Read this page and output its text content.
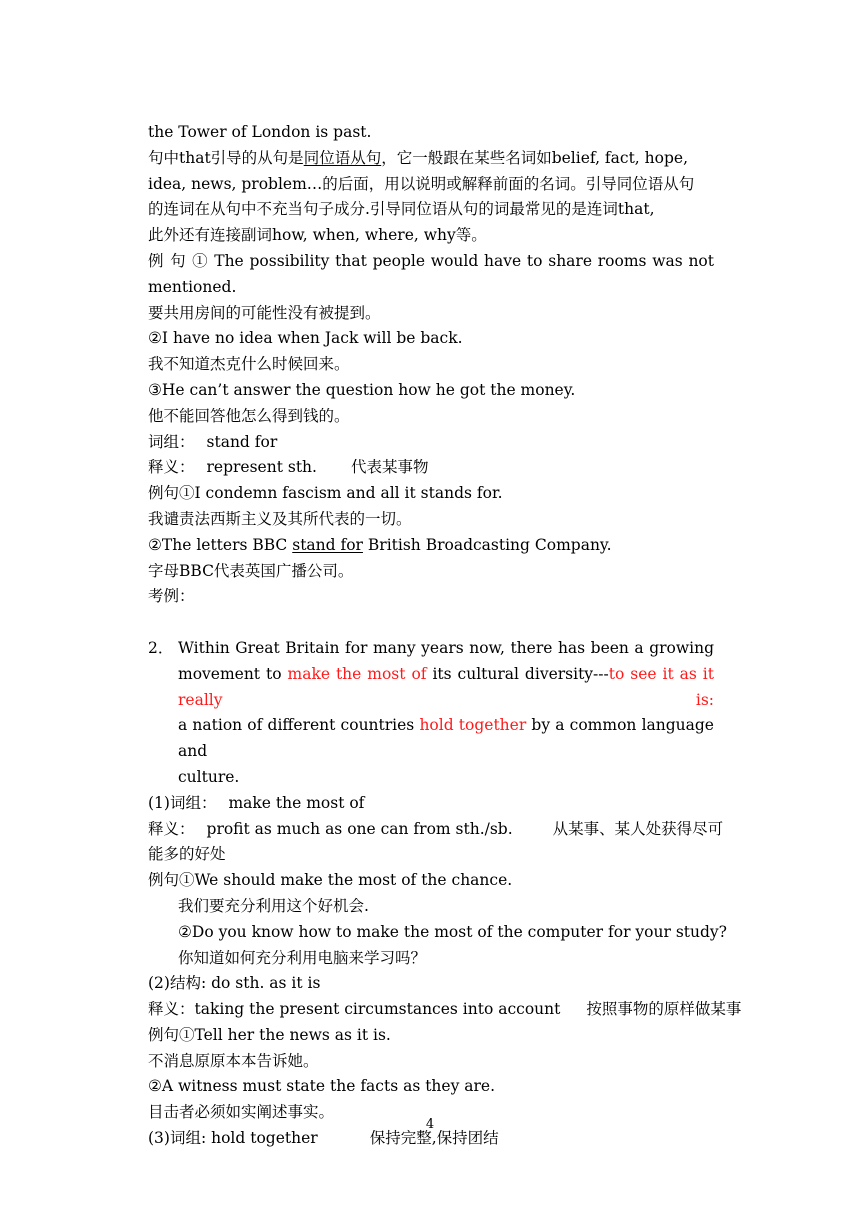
the Tower of London is past.
句中that引导的从句是同位语从句，它一般跟在某些名词如belief, fact, hope,
idea, news, problem…的后面，用以说明或解释前面的名词。引导同位语从句
的连词在从句中不充当句子成分.引导同位语从句的词最常见的是连词that,
此外还有连接副词how, when, where, why等。
例 句 ① The possibility that people would have to share rooms was not
mentioned.
要共用房间的可能性没有被提到。
②I have no idea when Jack will be back.
我不知道杰克什么时候回来。
③He can’t answer the question how he got the money.
他不能回答他怎么得到钱的。
词组： stand for
释义： represent sth. 代表某事物
例句①I condemn fascism and all it stands for.
我谴责法西斯主义及其所代表的一切。
②The letters BBC stand for British Broadcasting Company.
字母BBC代表英国广播公司。
考例：
2． Within Great Britain for many years now, there has been a growing
movement to make the most of its cultural diversity---to see it as it really is:
a nation of different countries hold together by a common language and
culture.
(1)词组： make the most of
释义： profit as much as one can from sth./sb.	从某事、某人处获得尽可
能多的好处
例句①We should make the most of the chance.
我们要充分利用这个好机会.
②Do you know how to make the most of the computer for your study?
你知道如何充分利用电脑来学习吗？
(2)结构: do sth. as it is
释义：taking the present circumstances into account 按照事物的原样做某事
例句①Tell her the news as it is.
不消息原原本本告诉她。
②A witness must state the facts as they are.
目击者必须如实阐述事实。
(3)词组: hold together	保持完整,保持团结
4
